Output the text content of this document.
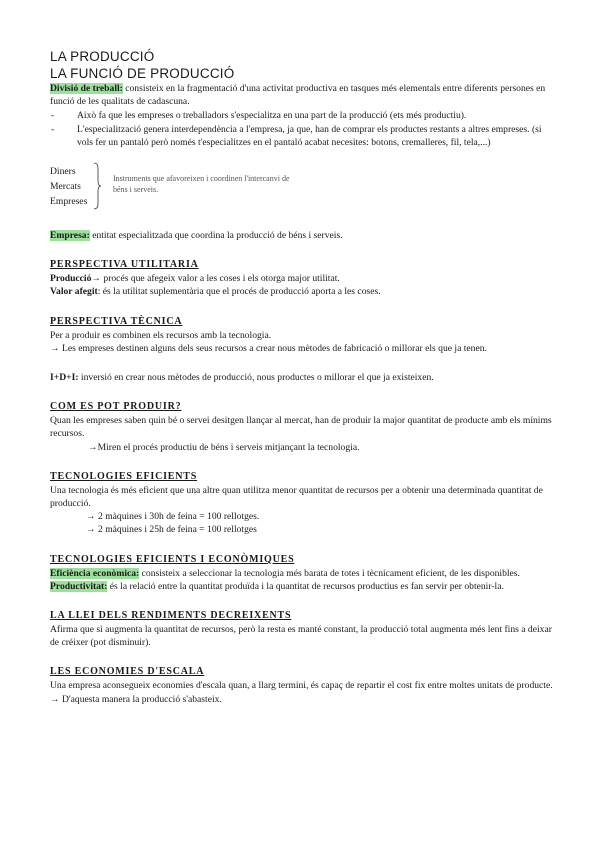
LA PRODUCCIÓ
LA FUNCIÓ DE PRODUCCIÓ

Divisió de treball: consisteix en la fragmentació d'una activitat productiva en tasques més elementals entre diferents persones en funció de les qualitats de cadascuna.

- Això fa que les empreses o treballadors s'especialitza en una part de la producció (ets més productiu).
- L'especialització genera interdependència a l'empresa, ja que, han de comprar els productes restants a altres empreses. (si vols fer un pantaló però només t'especialitzes en el pantaló acabat necesites: botons, cremalleres, fil, tela,...)
Diners
Mercats
Empreses
Instruments que afavoreixen i coordinen l'intercanvi de
béns i serveis.

Empresa: entitat especialitzada que coordina la producció de béns i serveis.

PERSPECTIVA UTILITARIA

Producció→ procés que afegeix valor a les coses i els otorga major utilitat.

Valor afegit: és la utilitat suplementària que el procés de producció aporta a les coses.

PERSPECTIVA TÈCNICA

Per a produir es combinen els recursos amb la tecnologia.

→ Les empreses destinen alguns dels seus recursos a crear nous mètodes de fabricació o millorar els que ja tenen.

I+D+I: inversió en crear nous mètodes de producció, nous productes o millorar el que ja existeixen.

COM ES POT PRODUIR?

Quan les empreses saben quin bé o servei desitgen llançar al mercat, han de produir la major quantitat de producte amb els mínims recursos.

→Miren el procés productiu de béns i serveis mitjançant la tecnologia.

TECNOLOGIES EFICIENTS

Una tecnologia és més eficient que una altre quan utilitza menor quantitat de recursos per a obtenir una determinada quantitat de producció.

→ 2 màquines i 30h de feina = 100 rellotges.

→ 2 màquines i 25h de feina = 100 rellotges

TECNOLOGIES EFICIENTS I ECONÒMIQUES

Eficiència econòmica: consisteix a seleccionar la tecnologia més barata de totes i tècnicament eficient, de les disponibles.

Productivitat: és la relació entre la quantitat produïda i la quantitat de recursos productius es fan servir per obtenir-la.

LA LLEI DELS RENDIMENTS DECREIXENTS

Afirma que si augmenta la quantitat de recursos, però la resta es manté constant, la producció total augmenta més lent fins a deixar de créixer (pot disminuir).

LES ECONOMIES D'ESCALA

Una empresa aconsegueix economies d'escala quan, a llarg termini, és capaç de repartir el cost fix entre moltes unitats de producte.

→ D'aquesta manera la producció s'abasteix.
